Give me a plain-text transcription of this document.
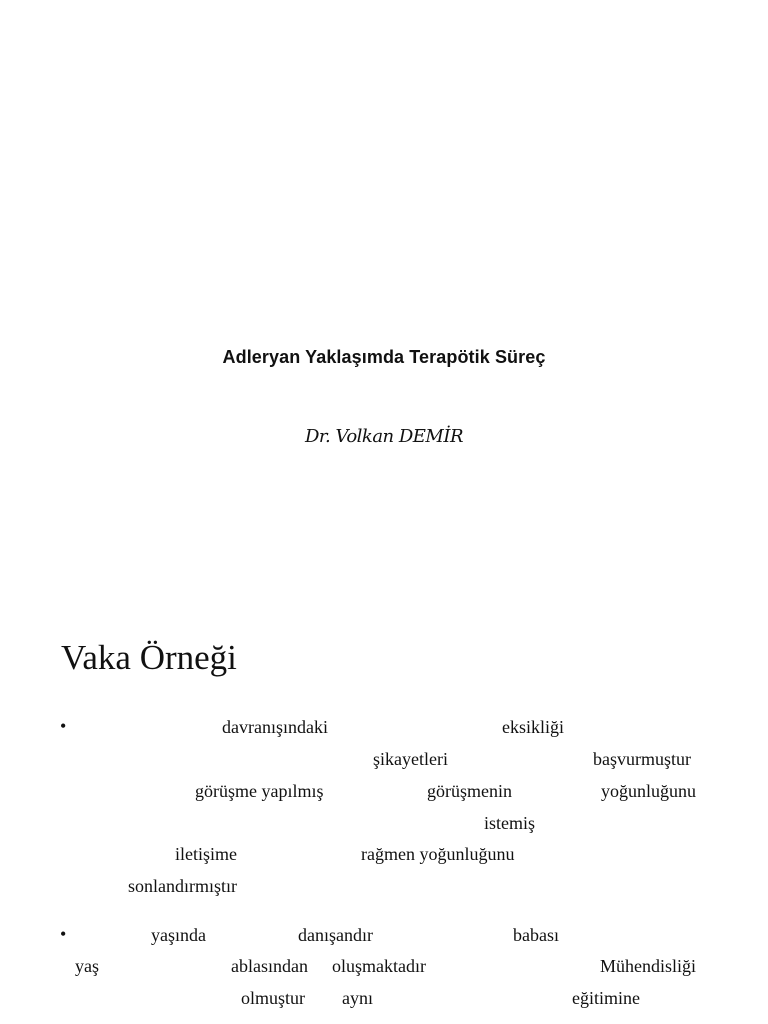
Adleryan Yaklaşımda Terapötik Süreç
Dr. Volkan DEMİR
Vaka Örneği
•	davranışındaki	eksikliği
şikayetleri	başvurmuştur
görüşme yapılmış	görüşmenin	yoğunluğunu
istemiş
iletişime	rağmen yoğunluğunu
sonlandırmıştır
•	yaşında	danışandır	babası
yaş	ablasından oluşmaktadır	Mühendisliği
olmuştur aynı	eğitimine
